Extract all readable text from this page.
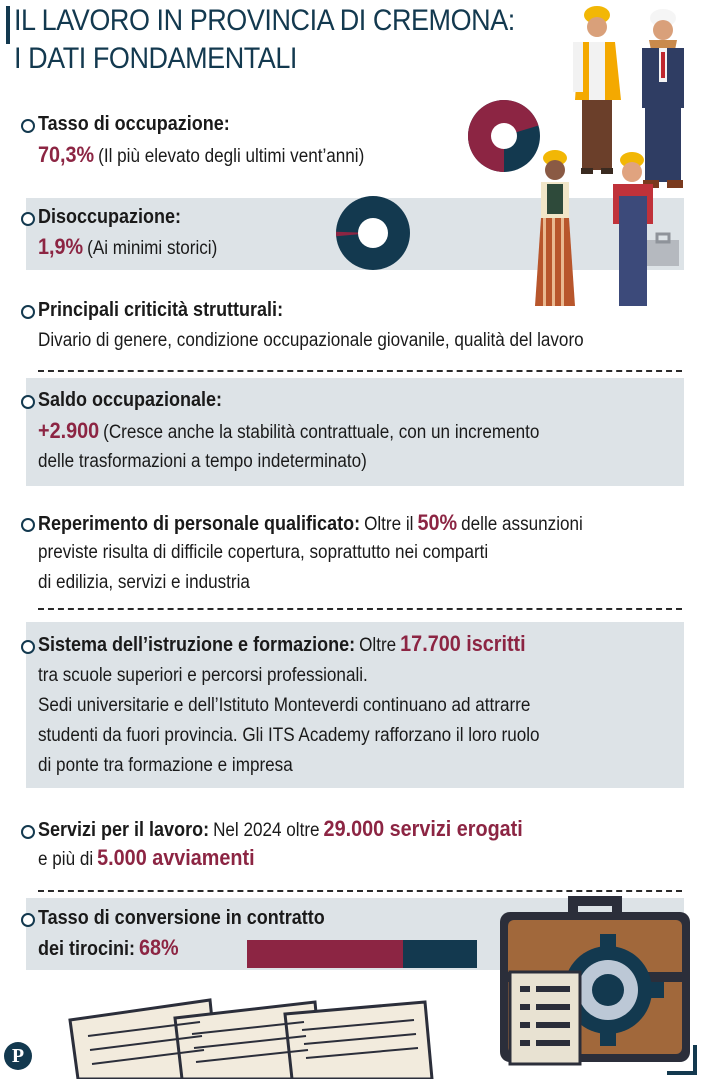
IL LAVORO IN PROVINCIA DI CREMONA:
I DATI FONDAMENTALI
Tasso di occupazione:
70,3% (Il più elevato degli ultimi vent’anni)
Disoccupazione:
1,9% (Ai minimi storici)
Principali criticità strutturali:
Divario di genere, condizione occupazionale giovanile, qualità del lavoro
Saldo occupazionale:
+2.900 (Cresce anche la stabilità contrattuale, con un incremento
delle trasformazioni a tempo indeterminato)
Reperimento di personale qualificato: Oltre il 50% delle assunzioni
previste risulta di difficile copertura, soprattutto nei comparti
di edilizia, servizi e industria
Sistema dell’istruzione e formazione: Oltre 17.700 iscritti
tra scuole superiori e percorsi professionali.
Sedi universitarie e dell’Istituto Monteverdi continuano ad attrarre
studenti da fuori provincia. Gli ITS Academy rafforzano il loro ruolo
di ponte tra formazione e impresa
Servizi per il lavoro: Nel 2024 oltre 29.000 servizi erogati
e più di 5.000 avviamenti
Tasso di conversione in contratto
dei tirocini: 68%
P
